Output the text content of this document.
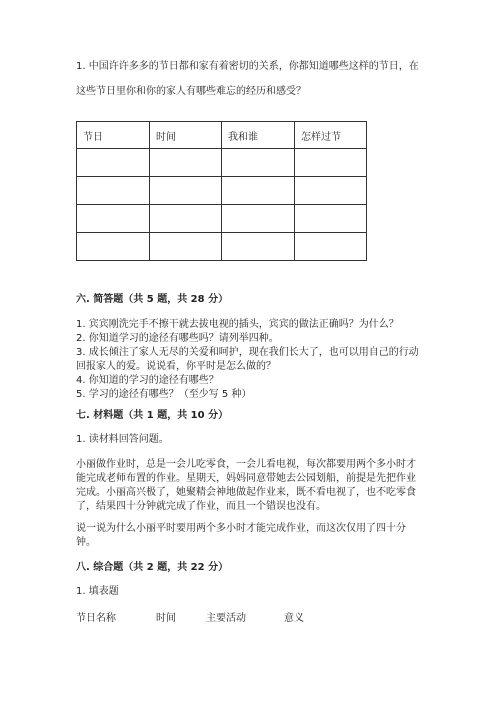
1. 中国许许多多的节日都和家有着密切的关系，你都知道哪些这样的节日，在
这些节日里你和你的家人有哪些难忘的经历和感受？
节日	时间	我和谁	怎样过节

六. 简答题（共 5 题，共 28 分）
1. 宾宾刚洗完手不擦干就去拔电视的插头，宾宾的做法正确吗？为什么？
2. 你知道学习的途径有哪些吗？请列举四种。
3. 成长倾注了家人无尽的关爱和呵护，现在我们长大了，也可以用自己的行动
回报家人的爱。说说看，你平时是怎么做的？
4. 你知道的学习的途径有哪些？
5. 学习的途径有哪些？（至少写 5 种）
七. 材料题（共 1 题，共 10 分）
1. 读材料回答问题。
小丽做作业时，总是一会儿吃零食，一会儿看电视，每次都要用两个多小时才
能完成老师布置的作业。星期天，妈妈同意带她去公园划船，前提是先把作业
完成。小丽高兴极了，她聚精会神地做起作业来，既不看电视了，也不吃零食
了，结果四十分钟就完成了作业，而且一个错误也没有。
说一说为什么小丽平时要用两个多小时才能完成作业，而这次仅用了四十分
钟。
八. 综合题（共 2 题，共 22 分）
1. 填表题
节日名称	时间	主要活动	意义
